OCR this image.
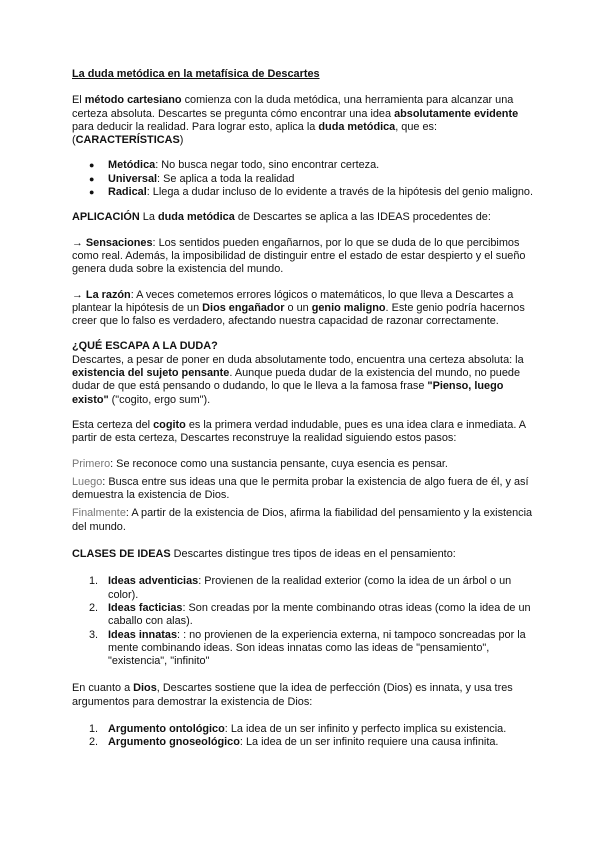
La duda metódica en la metafísica de Descartes

El método cartesiano comienza con la duda metódica, una herramienta para alcanzar una certeza absoluta. Descartes se pregunta cómo encontrar una idea absolutamente evidente para deducir la realidad. Para lograr esto, aplica la duda metódica, que es: (CARACTERÍSTICAS)

● Metódica: No busca negar todo, sino encontrar certeza.
● Universal: Se aplica a toda la realidad
● Radical: Llega a dudar incluso de lo evidente a través de la hipótesis del genio maligno.

APLICACIÓN La duda metódica de Descartes se aplica a las IDEAS procedentes de:

→ Sensaciones: Los sentidos pueden engañarnos, por lo que se duda de lo que percibimos como real. Además, la imposibilidad de distinguir entre el estado de estar despierto y el sueño genera duda sobre la existencia del mundo.

→ La razón: A veces cometemos errores lógicos o matemáticos, lo que lleva a Descartes a plantear la hipótesis de un Dios engañador o un genio maligno. Este genio podría hacernos creer que lo falso es verdadero, afectando nuestra capacidad de razonar correctamente.

¿QUÉ ESCAPA A LA DUDA?

Descartes, a pesar de poner en duda absolutamente todo, encuentra una certeza absoluta: la existencia del sujeto pensante. Aunque pueda dudar de la existencia del mundo, no puede dudar de que está pensando o dudando, lo que le lleva a la famosa frase "Pienso, luego existo" ("cogito, ergo sum").

Esta certeza del cogito es la primera verdad indudable, pues es una idea clara e inmediata. A partir de esta certeza, Descartes reconstruye la realidad siguiendo estos pasos:

Primero: Se reconoce como una sustancia pensante, cuya esencia es pensar.

Luego: Busca entre sus ideas una que le permita probar la existencia de algo fuera de él, y así demuestra la existencia de Dios.

Finalmente: A partir de la existencia de Dios, afirma la fiabilidad del pensamiento y la existencia del mundo.

CLASES DE IDEAS Descartes distingue tres tipos de ideas en el pensamiento:

1. Ideas adventicias: Provienen de la realidad exterior (como la idea de un árbol o un color).
2. Ideas facticias: Son creadas por la mente combinando otras ideas (como la idea de un caballo con alas).
3. Ideas innatas: : no provienen de la experiencia externa, ni tampoco soncreadas por la mente combinando ideas. Son ideas innatas como las ideas de "pensamiento", "existencia", "infinito"

En cuanto a Dios, Descartes sostiene que la idea de perfección (Dios) es innata, y usa tres argumentos para demostrar la existencia de Dios:

1. Argumento ontológico: La idea de un ser infinito y perfecto implica su existencia.
2. Argumento gnoseológico: La idea de un ser infinito requiere una causa infinita.
